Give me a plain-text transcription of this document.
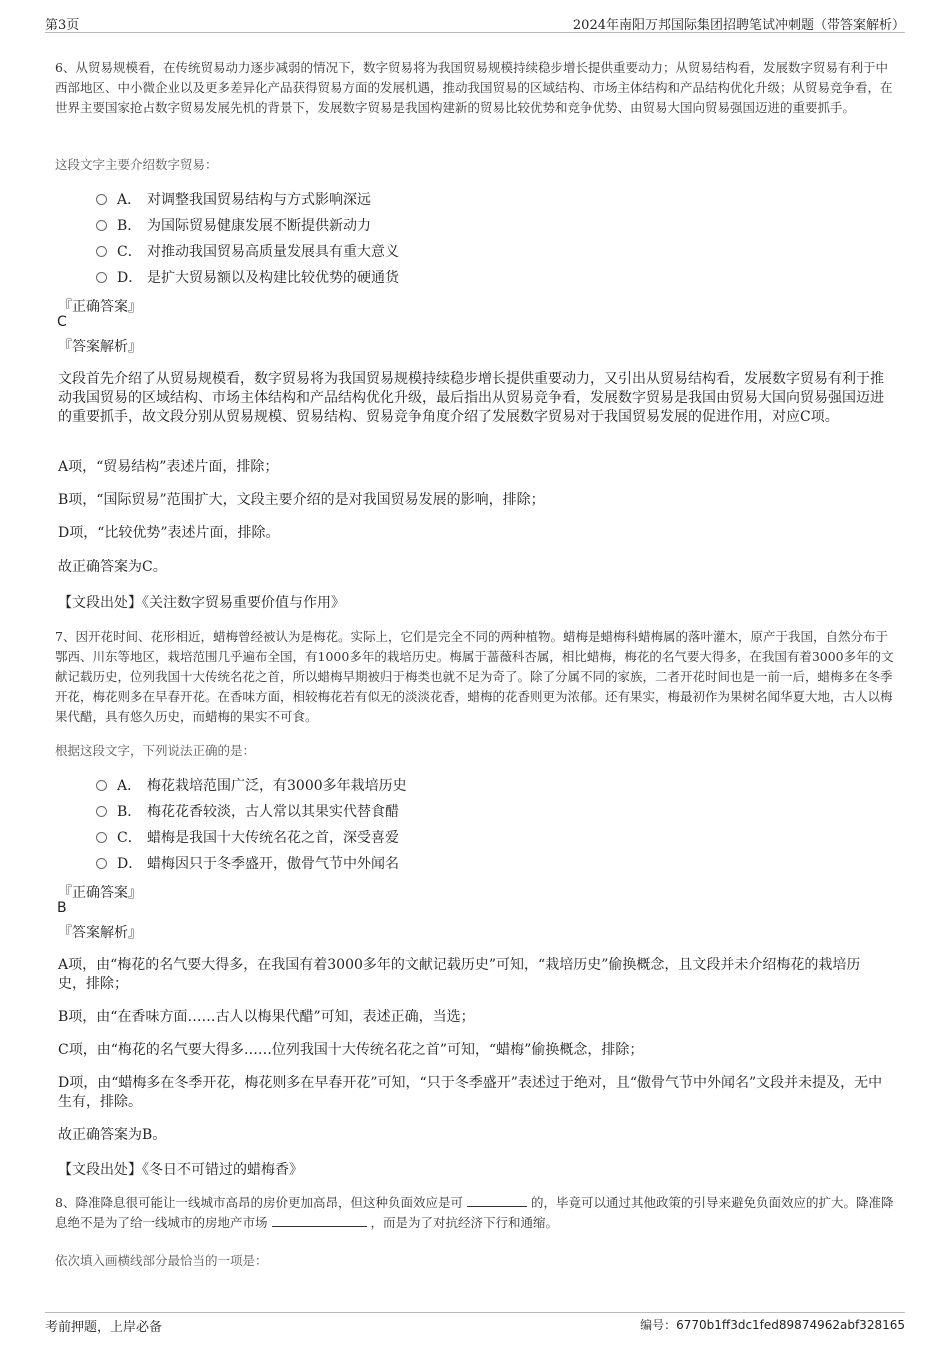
第3页	2024年南阳万邦国际集团招聘笔试冲刺题（带答案解析）
6、从贸易规模看，在传统贸易动力逐步减弱的情况下，数字贸易将为我国贸易规模持续稳步增长提供重要动力；从贸易结构看，发展数字贸易有利于中西部地区、中小微企业以及更多差异化产品获得贸易方面的发展机遇，推动我国贸易的区域结构、市场主体结构和产品结构优化升级；从贸易竞争看，在世界主要国家抢占数字贸易发展先机的背景下，发展数字贸易是我国构建新的贸易比较优势和竞争优势、由贸易大国向贸易强国迈进的重要抓手。
这段文字主要介绍数字贸易：
A． 对调整我国贸易结构与方式影响深远
B． 为国际贸易健康发展不断提供新动力
C． 对推动我国贸易高质量发展具有重大意义
D． 是扩大贸易额以及构建比较优势的硬通货
『正确答案』
C
『答案解析』
文段首先介绍了从贸易规模看，数字贸易将为我国贸易规模持续稳步增长提供重要动力，又引出从贸易结构看，发展数字贸易有利于推动我国贸易的区域结构、市场主体结构和产品结构优化升级，最后指出从贸易竞争看，发展数字贸易是我国由贸易大国向贸易强国迈进的重要抓手，故文段分别从贸易规模、贸易结构、贸易竞争角度介绍了发展数字贸易对于我国贸易发展的促进作用，对应C项。
A项，“贸易结构”表述片面，排除；
B项，“国际贸易”范围扩大，文段主要介绍的是对我国贸易发展的影响，排除；
D项，“比较优势”表述片面，排除。
故正确答案为C。
【文段出处】《关注数字贸易重要价值与作用》
7、因开花时间、花形相近，蜡梅曾经被认为是梅花。实际上，它们是完全不同的两种植物。蜡梅是蜡梅科蜡梅属的落叶灌木，原产于我国，自然分布于鄂西、川东等地区，栽培范围几乎遍布全国，有1000多年的栽培历史。梅属于蔷薇科杏属，相比蜡梅，梅花的名气要大得多，在我国有着3000多年的文献记载历史，位列我国十大传统名花之首，所以蜡梅早期被归于梅类也就不足为奇了。除了分属不同的家族，二者开花时间也是一前一后，蜡梅多在冬季开花，梅花则多在早春开花。在香味方面，相较梅花若有似无的淡淡花香，蜡梅的花香则更为浓郁。还有果实，梅最初作为果树名闻华夏大地，古人以梅果代醋，具有悠久历史，而蜡梅的果实不可食。
根据这段文字，下列说法正确的是：
A． 梅花栽培范围广泛，有3000多年栽培历史
B． 梅花花香较淡，古人常以其果实代替食醋
C． 蜡梅是我国十大传统名花之首，深受喜爱
D． 蜡梅因只于冬季盛开，傲骨气节中外闻名
『正确答案』
B
『答案解析』
A项，由“梅花的名气要大得多，在我国有着3000多年的文献记载历史”可知，“栽培历史”偷换概念，且文段并未介绍梅花的栽培历史，排除；
B项，由“在香味方面……古人以梅果代醋”可知，表述正确，当选；
C项，由“梅花的名气要大得多……位列我国十大传统名花之首”可知，“蜡梅”偷换概念，排除；
D项，由“蜡梅多在冬季开花，梅花则多在早春开花”可知，“只于冬季盛开”表述过于绝对，且“傲骨气节中外闻名”文段并未提及，无中生有，排除。
故正确答案为B。
【文段出处】《冬日不可错过的蜡梅香》
8、降准降息很可能让一线城市高昂的房价更加高昂，但这种负面效应是可	的，毕竟可以通过其他政策的引导来避免负面效应的扩大。降准降息绝不是为了给一线城市的房地产市场	，而是为了对抗经济下行和通缩。
依次填入画横线部分最恰当的一项是：
考前押题，上岸必备	编号：6770b1ff3dc1fed89874962abf328165
